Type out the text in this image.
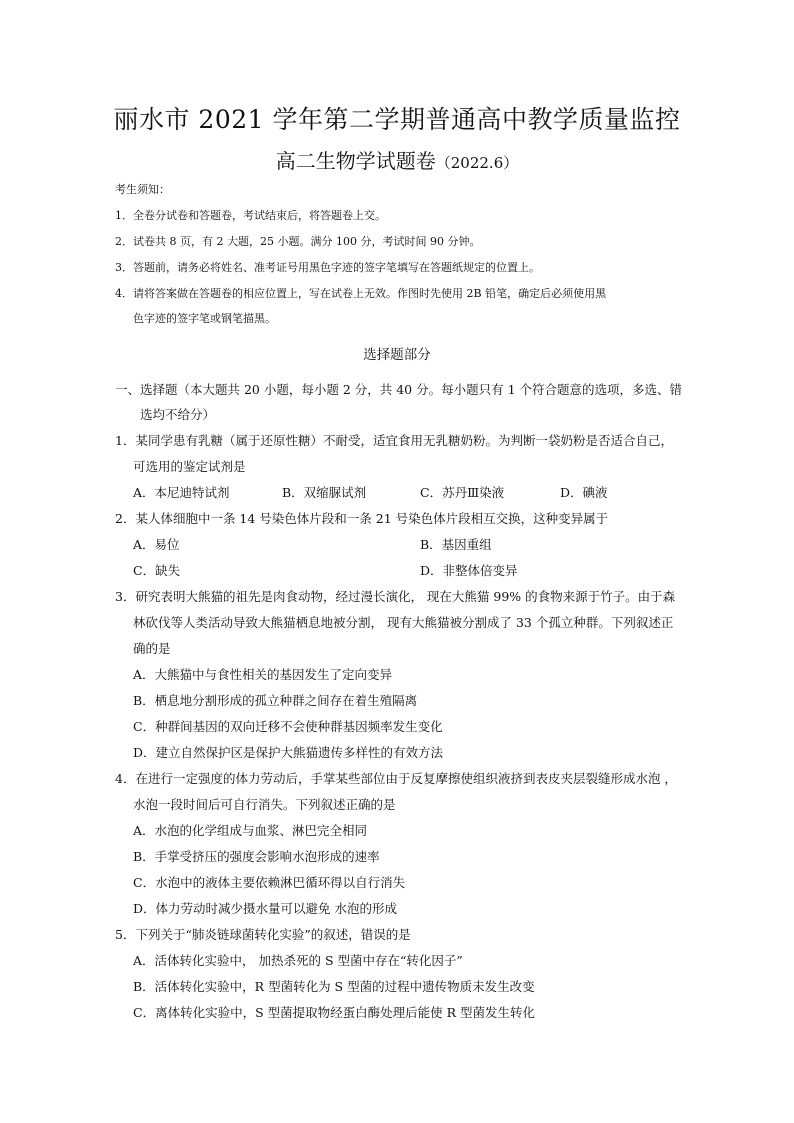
丽水市 2021 学年第二学期普通高中教学质量监控
高二生物学试题卷（2022.6）
考生须知：
1．全卷分试卷和答题卷，考试结束后，将答题卷上交。
2．试卷共 8 页，有 2 大题，25 小题。满分 100 分，考试时间 90 分钟。
3．答题前，请务必将姓名、准考证号用黑色字迹的签字笔填写在答题纸规定的位置上。
4．请将答案做在答题卷的相应位置上，写在试卷上无效。作图时先使用 2B 铅笔，确定后必须使用黑
色字迹的签字笔或钢笔描黑。
选择题部分
一、选择题（本大题共 20 小题，每小题 2 分，共 40 分。每小题只有 1 个符合题意的选项，多选、错
选均不给分）
1．某同学患有乳糖（属于还原性糖）不耐受，适宜食用无乳糖奶粉。为判断一袋奶粉是否适合自己，
可选用的鉴定试剂是
A．本尼迪特试剂	B．双缩脲试剂	C．苏丹Ⅲ染液	D．碘液
2．某人体细胞中一条 14 号染色体片段和一条 21 号染色体片段相互交换，这种变异属于
A．易位	B．基因重组
C．缺失	D．非整体倍变异
3．研究表明大熊猫的祖先是肉食动物，经过漫长演化， 现在大熊猫 99% 的食物来源于竹子。由于森
林砍伐等人类活动导致大熊猫栖息地被分割， 现有大熊猫被分割成了 33 个孤立种群。下列叙述正
确的是
A．大熊猫中与食性相关的基因发生了定向变异
B．栖息地分割形成的孤立种群之间存在着生殖隔离
C．种群间基因的双向迁移不会使种群基因频率发生变化
D．建立自然保护区是保护大熊猫遗传多样性的有效方法
4．在进行一定强度的体力劳动后，手掌某些部位由于反复摩擦使组织液挤到表皮夹层裂缝形成水泡 ，
水泡一段时间后可自行消失。下列叙述正确的是
A．水泡的化学组成与血浆、淋巴完全相同
B．手掌受挤压的强度会影响水泡形成的速率
C．水泡中的液体主要依赖淋巴循环得以自行消失
D．体力劳动时减少摄水量可以避免 水泡的形成
5．下列关于“肺炎链球菌转化实验”的叙述，错误的是
A．活体转化实验中， 加热杀死的 S 型菌中存在“转化因子”
B．活体转化实验中，R 型菌转化为 S 型菌的过程中遗传物质未发生改变
C．离体转化实验中，S 型菌提取物经蛋白酶处理后能使 R 型菌发生转化
